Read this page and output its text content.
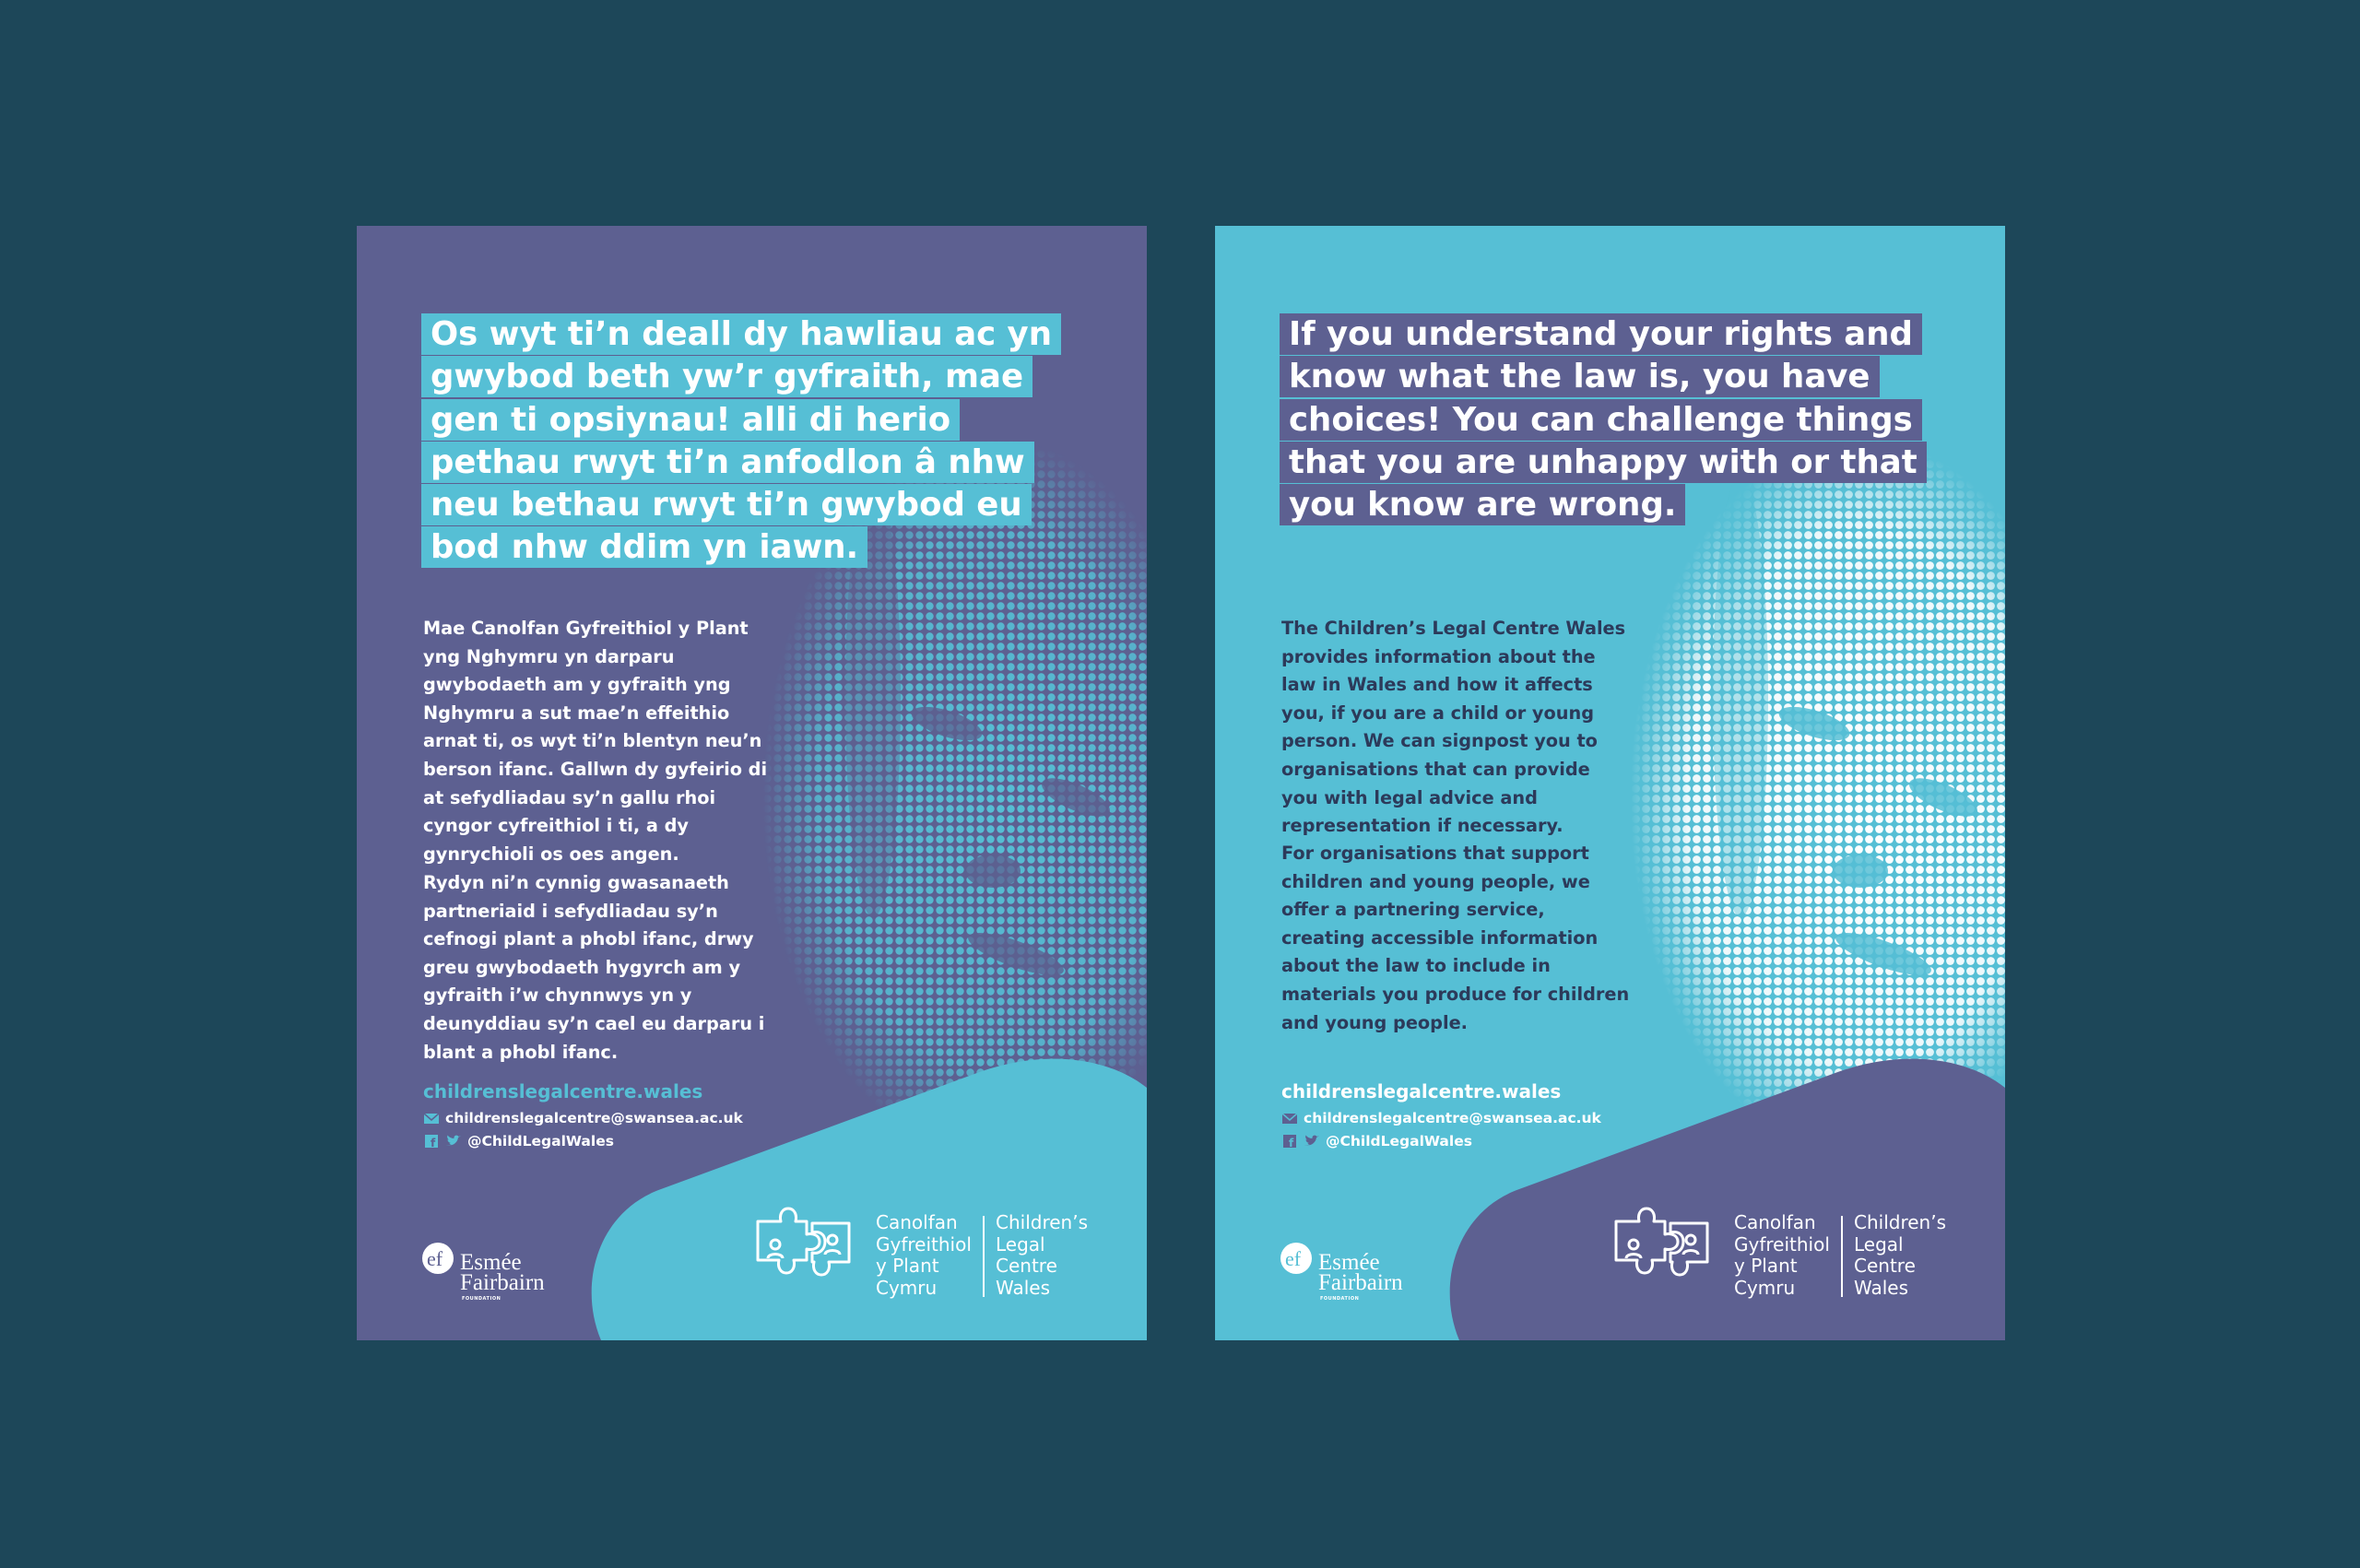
Os wyt ti’n deall dy hawliau ac yn gwybod beth yw’r gyfraith, mae gen ti opsiynau! alli di herio pethau rwyt ti’n anfodlon â nhw neu bethau rwyt ti’n gwybod eu bod nhw ddim yn iawn.

Mae Canolfan Gyfreithiol y Plant yng Nghymru yn darparu gwybodaeth am y gyfraith yng Nghymru a sut mae’n effeithio arnat ti, os wyt ti’n blentyn neu’n berson ifanc. Gallwn dy gyfeirio di at sefydliadau sy’n gallu rhoi cyngor cyfreithiol i ti, a dy gynrychioli os oes angen.

Rydyn ni’n cynnig gwasanaeth partneriaid i sefydliadau sy’n cefnogi plant a phobl ifanc, drwy greu gwybodaeth hygyrch am y gyfraith i’w chynnwys yn y deunyddiau sy’n cael eu darparu i blant a phobl ifanc.

childrenslegalcentre.wales
childrenslegalcentre@swansea.ac.uk
f @ChildLegalWales
ef Esmée
Fairbairn
FOUNDATION
Canolfan
Gyfreithiol
y Plant
Cymru
Children’s
Legal
Centre
Wales

If you understand your rights and know what the law is, you have choices! You can challenge things that you are unhappy with or that you know are wrong.

The Children’s Legal Centre Wales provides information about the law in Wales and how it affects you, if you are a child or young person. We can signpost you to organisations that can provide you with legal advice and representation if necessary.

For organisations that support children and young people, we offer a partnering service, creating accessible information about the law to include in materials you produce for children and young people.

childrenslegalcentre.wales
childrenslegalcentre@swansea.ac.uk
f @ChildLegalWales
ef Esmée
Fairbairn
FOUNDATION
Canolfan
Gyfreithiol
y Plant
Cymru
Children’s
Legal
Centre
Wales
